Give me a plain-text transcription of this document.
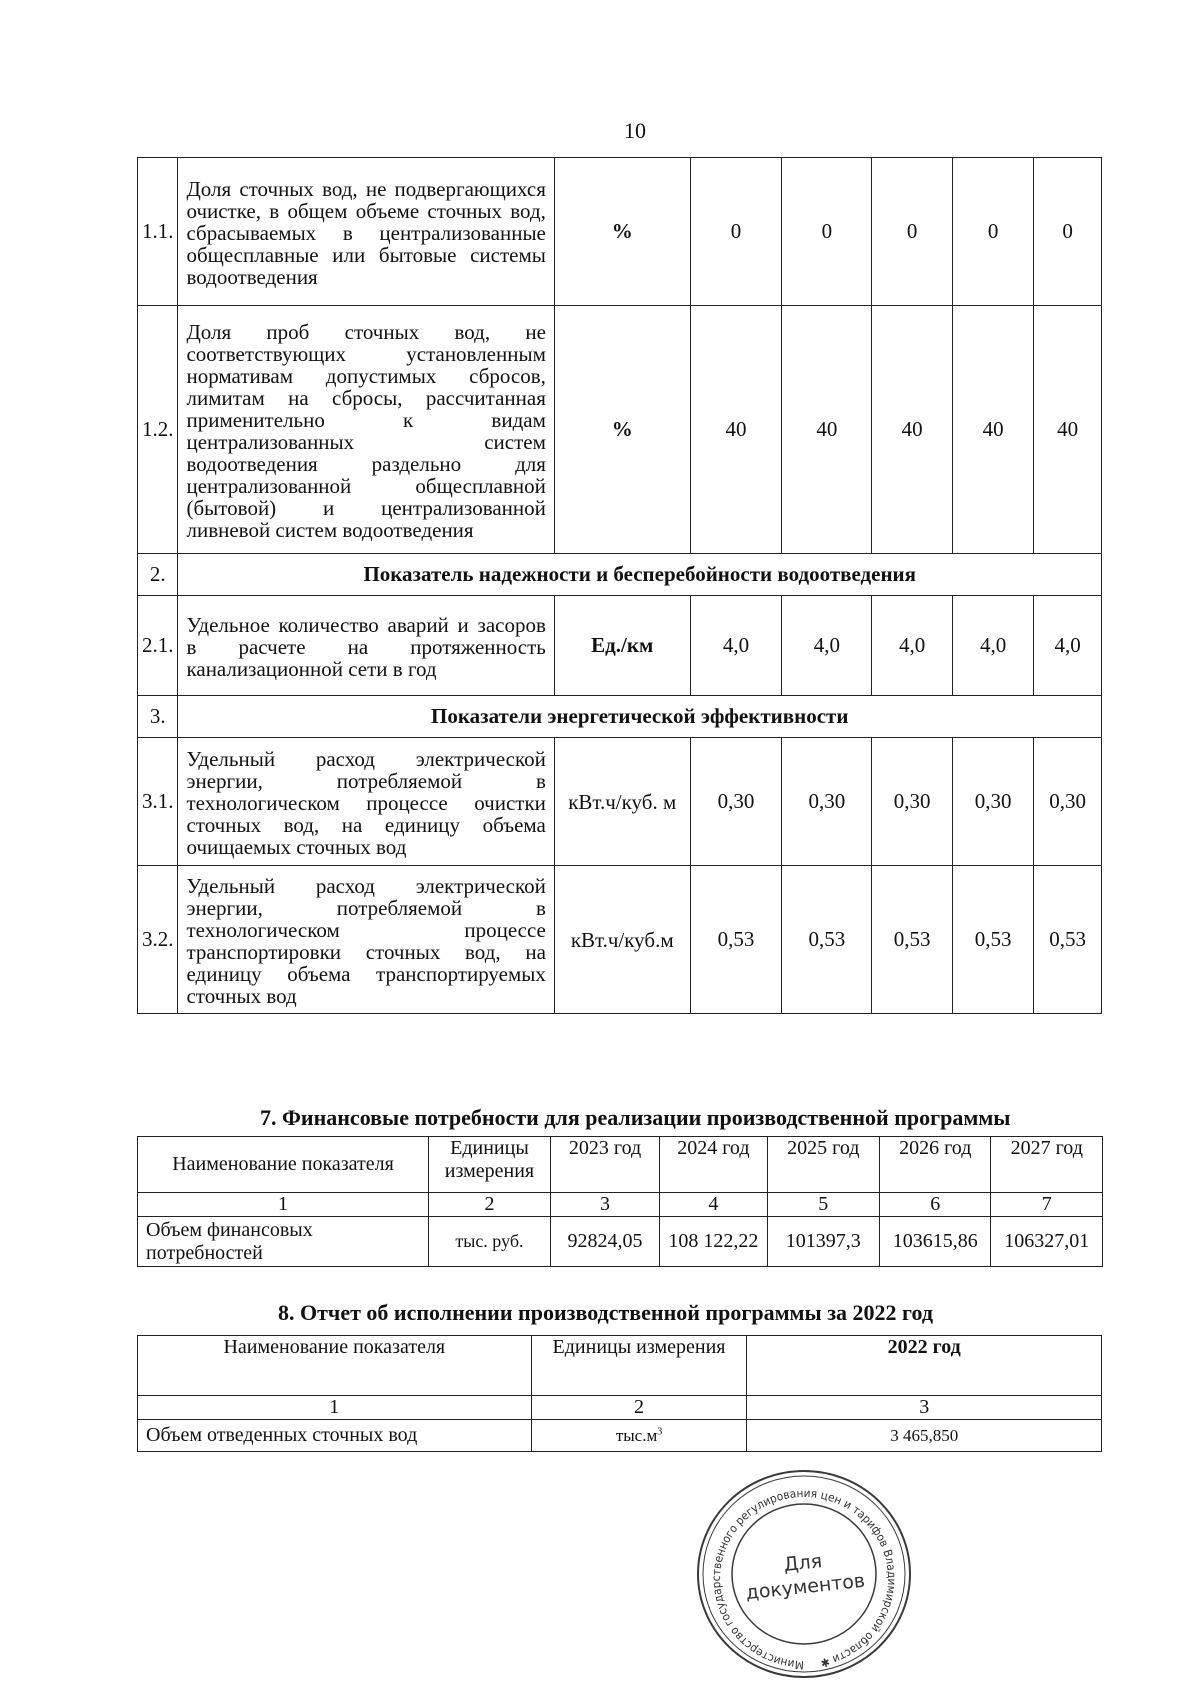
10
1.1.	Доля сточных вод, не подвергающихся очистке, в общем объеме сточных вод, сбрасываемых в централизованные общесплавные или бытовые системы водоотведения	%	0	0	0	0	0
1.2.	Доля проб сточных вод, не соответствующих установленным нормативам допустимых сбросов, лимитам на сбросы, рассчитанная применительно к видам централизованных систем водоотведения раздельно для централизованной общесплавной (бытовой) и централизованной ливневой систем водоотведения	%	40	40	40	40	40
2.	Показатель надежности и бесперебойности водоотведения						
2.1.	Удельное количество аварий и засоров в расчете на протяженность канализационной сети в год	Ед./км	4,0	4,0	4,0	4,0	4,0
3.	Показатели энергетической эффективности						
3.1.	Удельный расход электрической энергии, потребляемой в технологическом процессе очистки сточных вод, на единицу объема очищаемых сточных вод	кВт.ч/куб. м	0,30	0,30	0,30	0,30	0,30
3.2.	Удельный расход электрической энергии, потребляемой в технологическом процессе транспортировки сточных вод, на единицу объема транспортируемых сточных вод	кВт.ч/куб.м	0,53	0,53	0,53	0,53	0,53
7. Финансовые потребности для реализации производственной программы
Наименование показателя	Единицы измерения	2023 год	2024 год	2025 год	2026 год	2027 год
1	2	3	4	5	6	7
Объем финансовых потребностей	тыс. руб.	92824,05	108 122,22	101397,3	103615,86	106327,01
8. Отчет об исполнении производственной программы за 2022 год
Наименование показателя	Единицы измерения	2022 год
1	2	3
Объем отведенных сточных вод	$тыс.м^3$	3 465,850
Министерство государственного регулирования цен и тарифов Владимирской области ✱
Для
документов
